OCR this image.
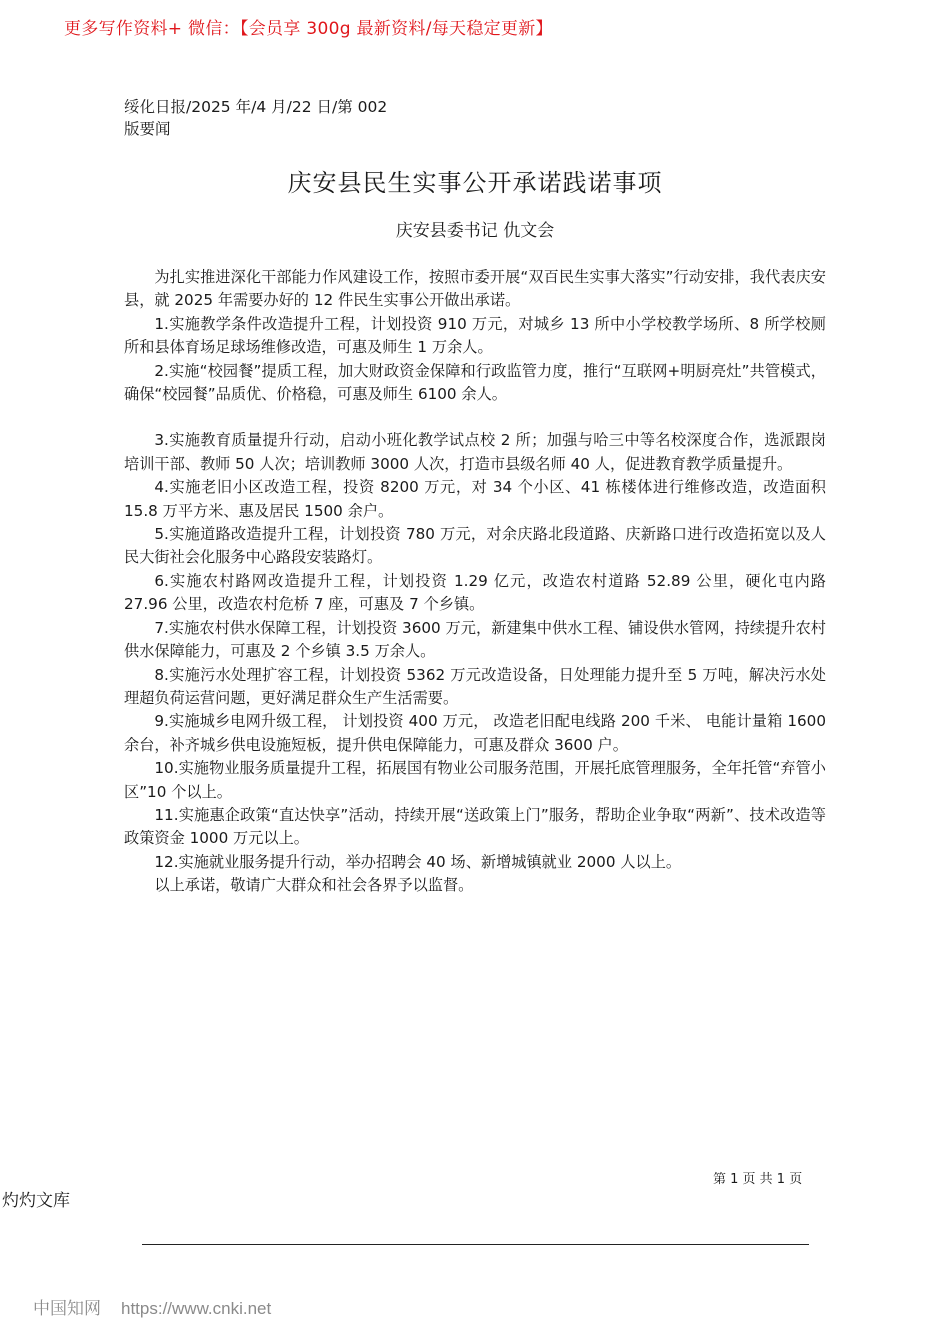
更多写作资料+ 微信：【会员享 300g 最新资料/每天稳定更新】
绥化日报/2025 年/4 月/22 日/第 002
版要闻
庆安县民生实事公开承诺践诺事项
庆安县委书记 仇文会

为扎实推进深化干部能力作风建设工作，按照市委开展“双百民生实事大落实”行动安排，我代表庆安县，就 2025 年需要办好的 12 件民生实事公开做出承诺。

1.实施教学条件改造提升工程，计划投资 910 万元，对城乡 13 所中小学校教学场所、8 所学校厕所和县体育场足球场维修改造，可惠及师生 1 万余人。

2.实施“校园餐”提质工程，加大财政资金保障和行政监管力度，推行“互联网+明厨亮灶”共管模式，确保“校园餐”品质优、价格稳，可惠及师生 6100 余人。

3.实施教育质量提升行动，启动小班化教学试点校 2 所；加强与哈三中等名校深度合作，选派跟岗培训干部、教师 50 人次；培训教师 3000 人次，打造市县级名师 40 人，促进教育教学质量提升。

4.实施老旧小区改造工程，投资 8200 万元，对 34 个小区、41 栋楼体进行维修改造，改造面积 15.8 万平方米、惠及居民 1500 余户。

5.实施道路改造提升工程，计划投资 780 万元，对余庆路北段道路、庆新路口进行改造拓宽以及人民大街社会化服务中心路段安装路灯。

6.实施农村路网改造提升工程，计划投资 1.29 亿元，改造农村道路 52.89 公里，硬化屯内路 27.96 公里，改造农村危桥 7 座，可惠及 7 个乡镇。

7.实施农村供水保障工程，计划投资 3600 万元，新建集中供水工程、铺设供水管网，持续提升农村供水保障能力，可惠及 2 个乡镇 3.5 万余人。

8.实施污水处理扩容工程，计划投资 5362 万元改造设备，日处理能力提升至 5 万吨，解决污水处理超负荷运营问题，更好满足群众生产生活需要。

9.实施城乡电网升级工程， 计划投资 400 万元， 改造老旧配电线路 200 千米、 电能计量箱 1600 余台，补齐城乡供电设施短板，提升供电保障能力，可惠及群众 3600 户。

10.实施物业服务质量提升工程，拓展国有物业公司服务范围，开展托底管理服务，全年托管“弃管小区”10 个以上。

11.实施惠企政策“直达快享”活动，持续开展“送政策上门”服务，帮助企业争取“两新”、技术改造等政策资金 1000 万元以上。

12.实施就业服务提升行动，举办招聘会 40 场、新增城镇就业 2000 人以上。

以上承诺，敬请广大群众和社会各界予以监督。

第 1 页 共 1 页
灼灼文库
中国知网 https://www.cnki.net
